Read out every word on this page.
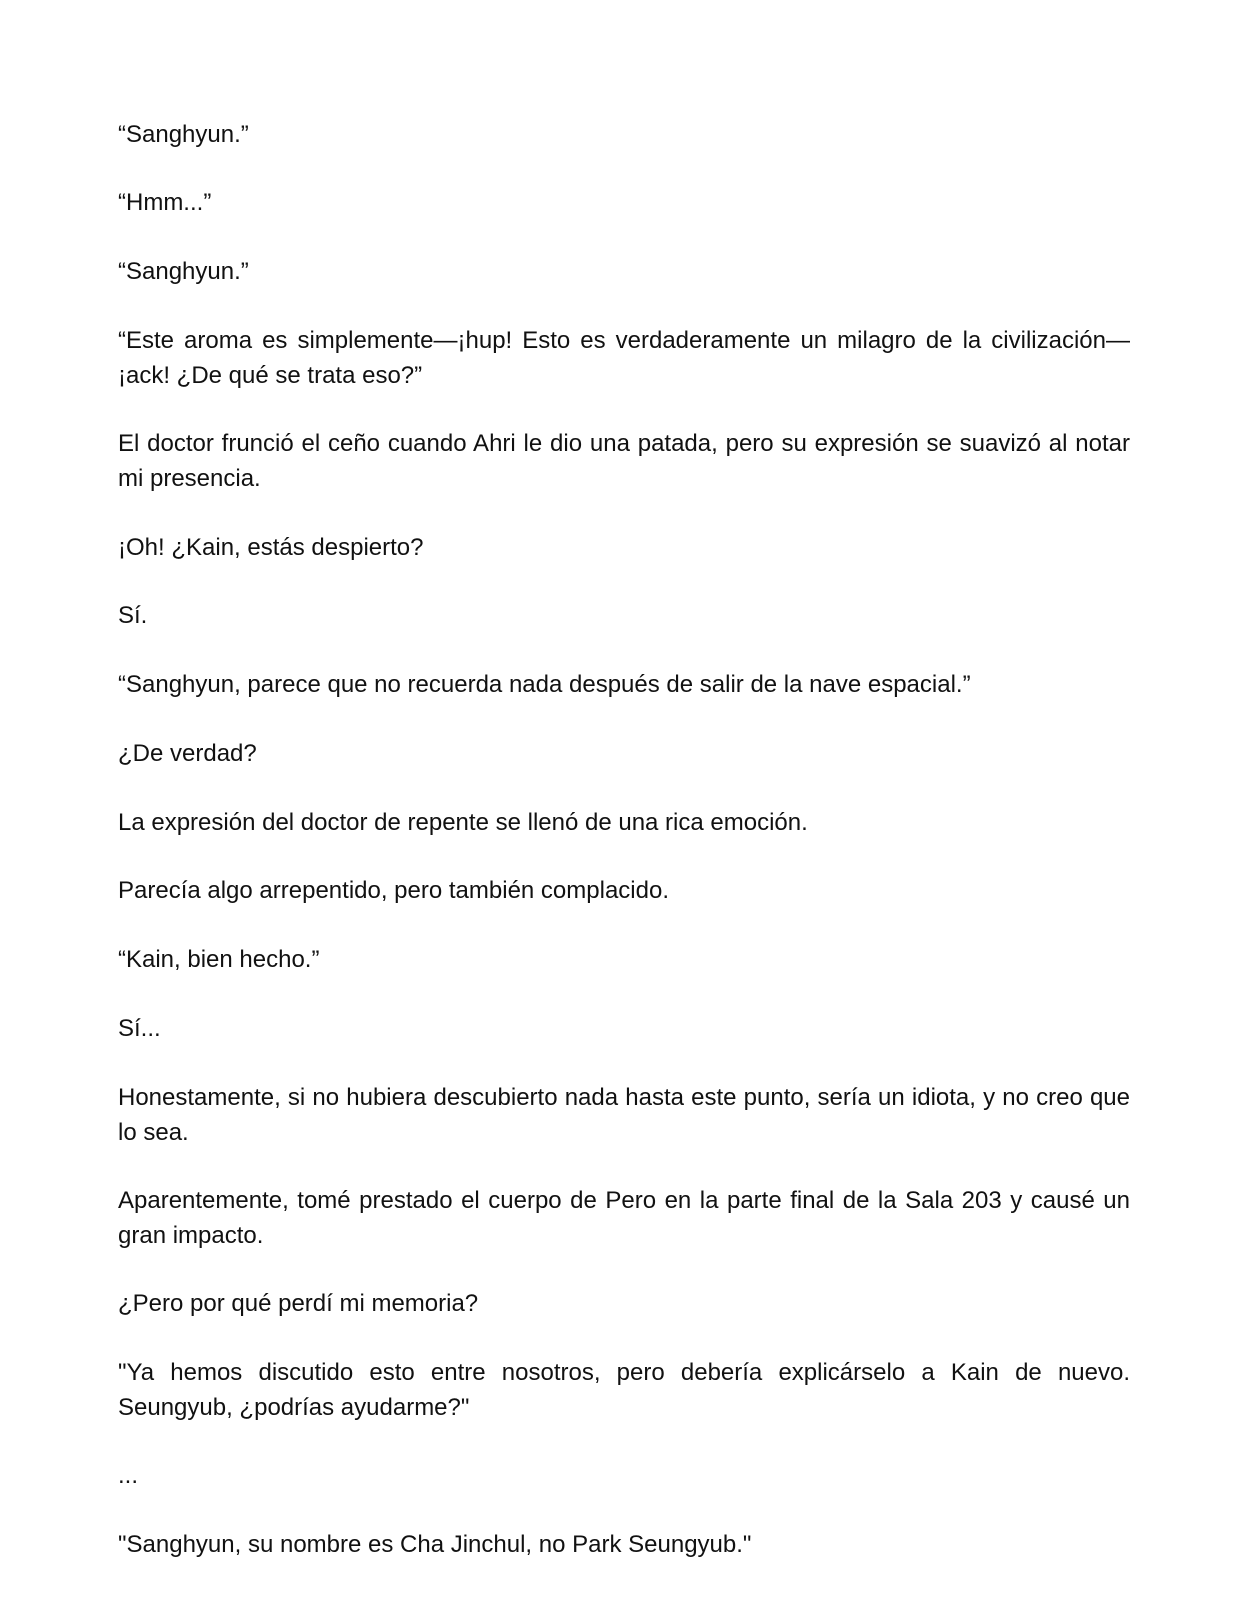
“Sanghyun.”

“Hmm...”

“Sanghyun.”

“Este aroma es simplemente—¡hup! Esto es verdaderamente un milagro de la civilización—¡ack! ¿De qué se trata eso?”

El doctor frunció el ceño cuando Ahri le dio una patada, pero su expresión se suavizó al notar mi presencia.

¡Oh! ¿Kain, estás despierto?

Sí.

“Sanghyun, parece que no recuerda nada después de salir de la nave espacial.”

¿De verdad?

La expresión del doctor de repente se llenó de una rica emoción.

Parecía algo arrepentido, pero también complacido.

“Kain, bien hecho.”

Sí...

Honestamente, si no hubiera descubierto nada hasta este punto, sería un idiota, y no creo que lo sea.

Aparentemente, tomé prestado el cuerpo de Pero en la parte final de la Sala 203 y causé un gran impacto.

¿Pero por qué perdí mi memoria?

"Ya hemos discutido esto entre nosotros, pero debería explicárselo a Kain de nuevo. Seungyub, ¿podrías ayudarme?"

...

"Sanghyun, su nombre es Cha Jinchul, no Park Seungyub."
